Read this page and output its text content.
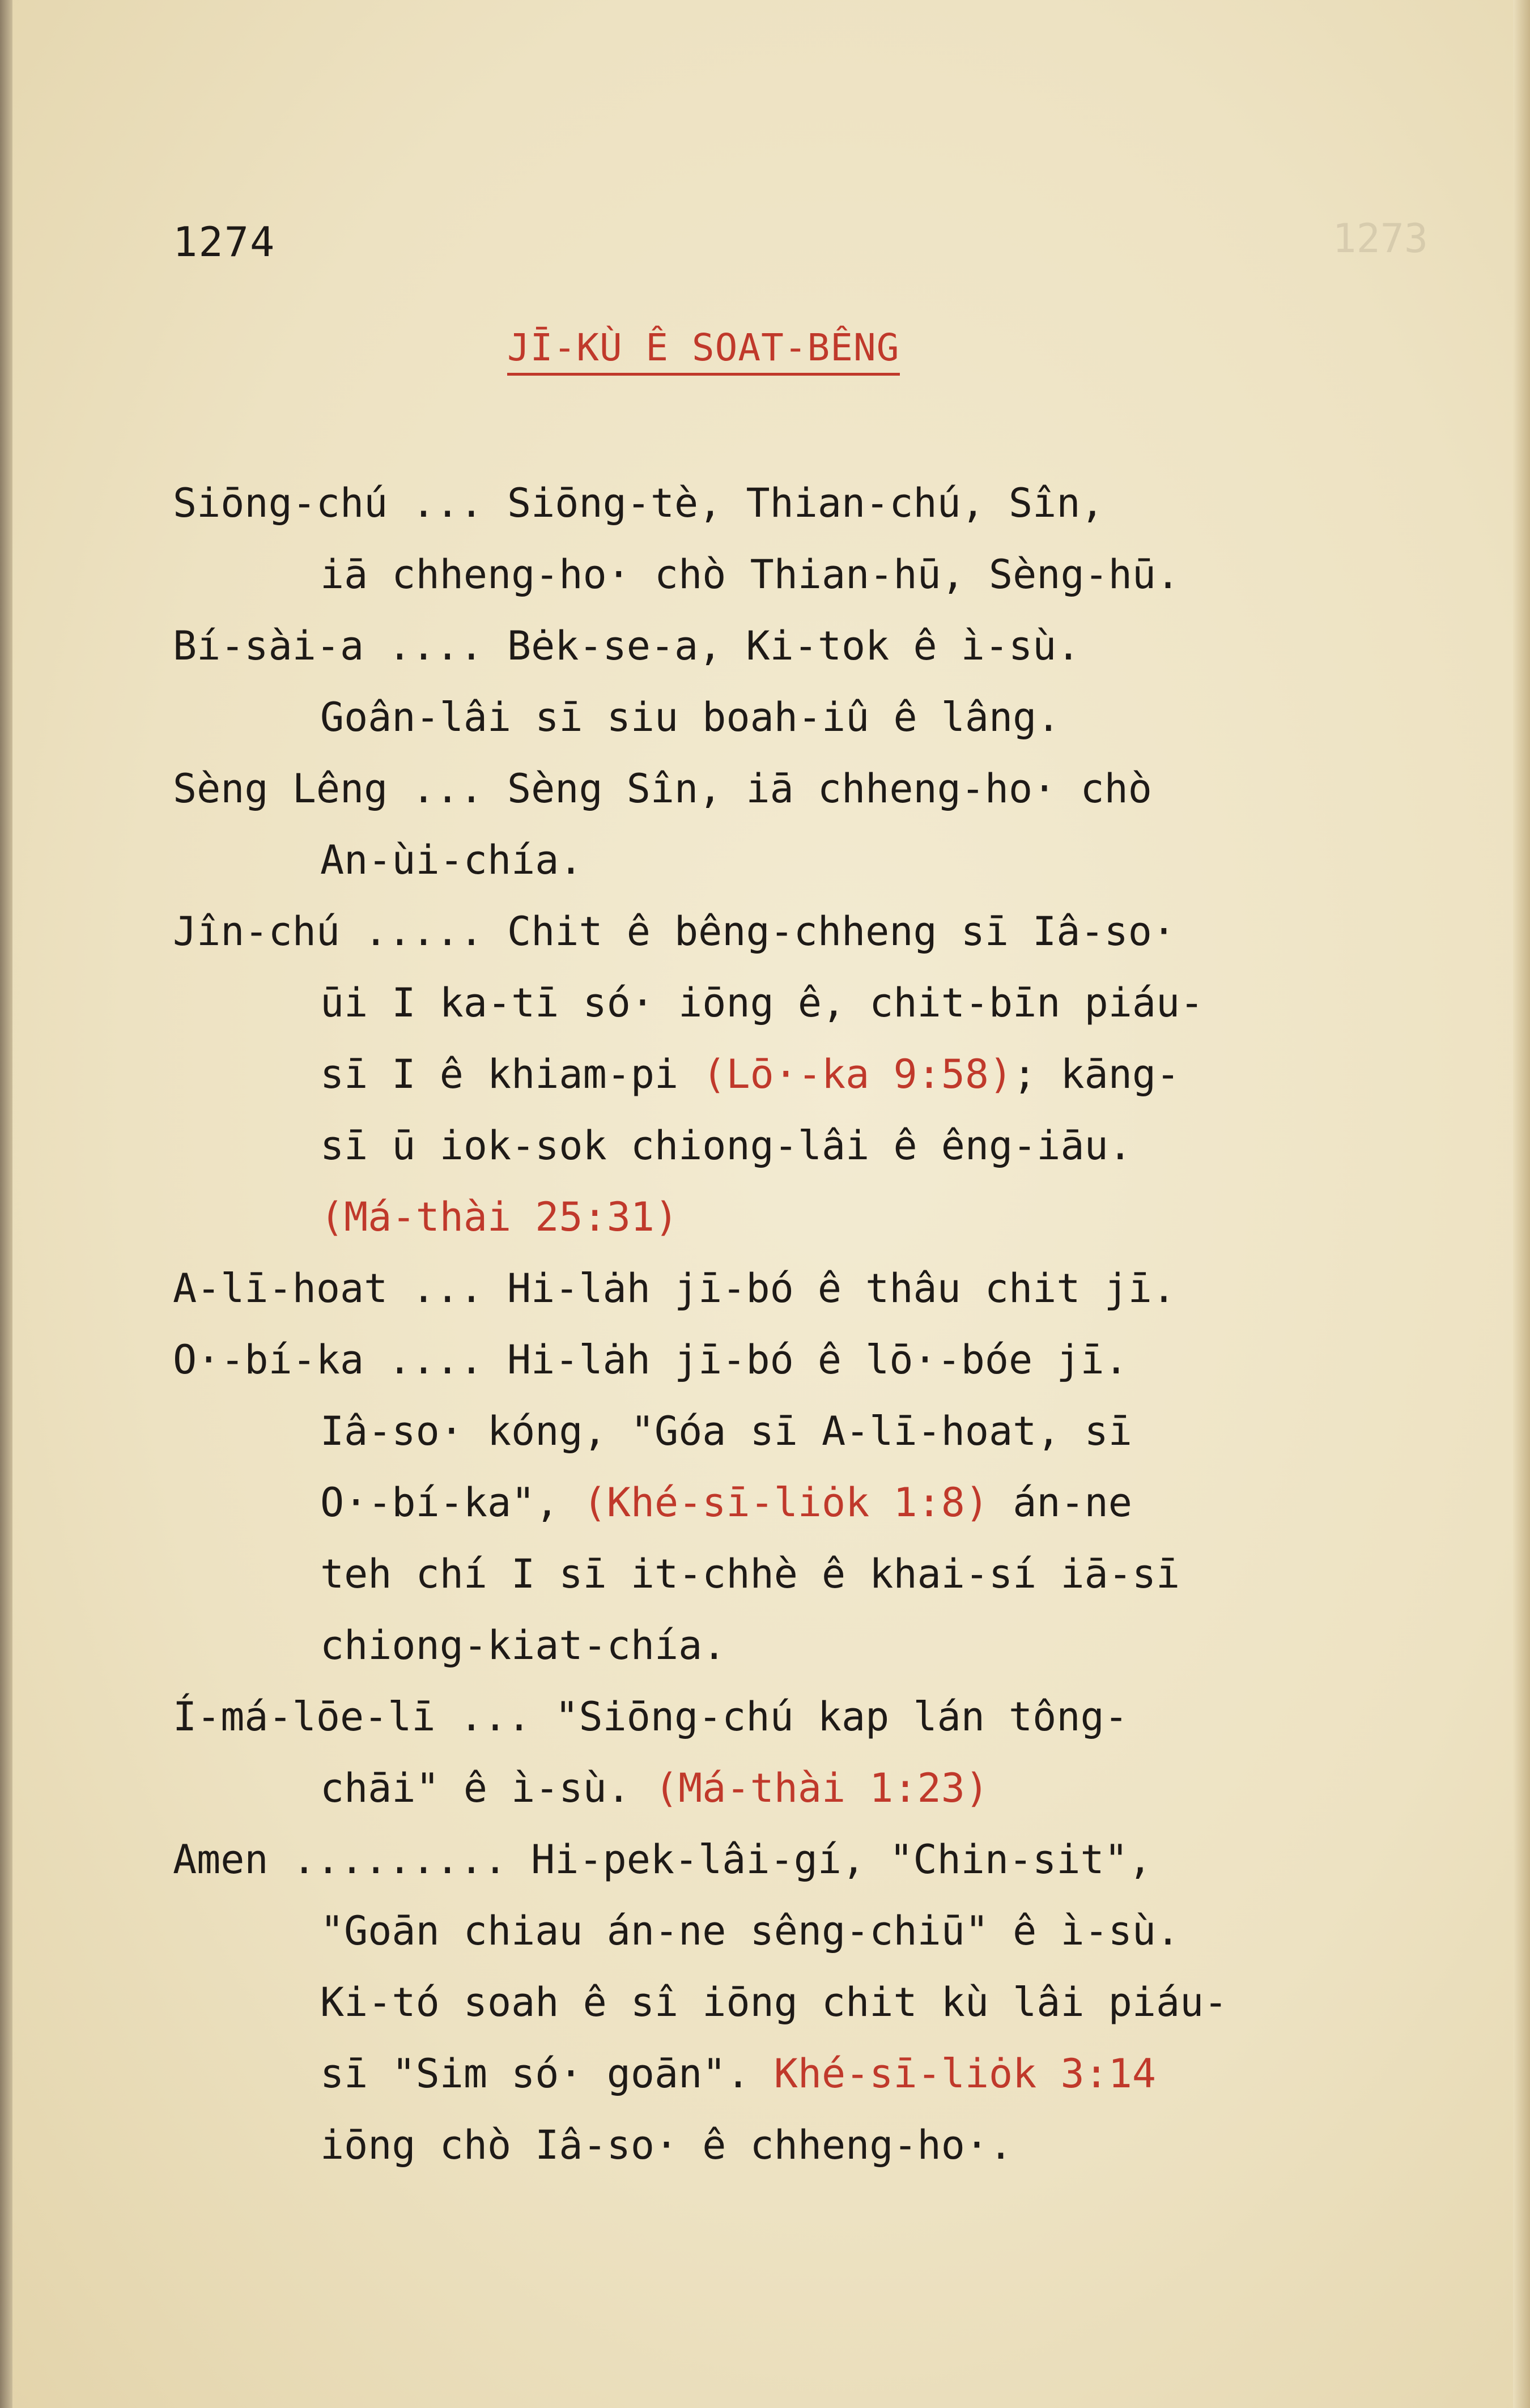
1274	1273
JĪ-KÙ Ê SOAT-BÊNG
Siōng-chú ... Siōng-tè, Thian-chú, Sîn,
iā chheng-ho· chò Thian-hū, Sèng-hū.
Bí-sài-a .... Bėk-se-a, Ki-tok ê ì-sù.
Goân-lâi sī siu boah-iû ê lâng.
Sèng Lêng ... Sèng Sîn, iā chheng-ho· chò
An-ùi-chía.
Jîn-chú ..... Chit ê bêng-chheng sī Iâ-so·
ūi I ka-tī só· iōng ê, chit-bīn piáu-
sī I ê khiam-pi (Lō·-ka 9:58); kāng-
sī ū iok-sok chiong-lâi ê êng-iāu.
(Má-thài 25:31)
A-lī-hoat ... Hi-lȧh jī-bó ê thâu chit jī.
O·-bí-ka .... Hi-lȧh jī-bó ê lō·-bóe jī.
Iâ-so· kóng, "Góa sī A-lī-hoat, sī
O·-bí-ka", (Khé-sī-liȯk 1:8) án-ne
teh chí I sī it-chhè ê khai-sí iā-sī
chiong-kiat-chía.
Í-má-lōe-lī ... "Siōng-chú kap lán tông-
chāi" ê ì-sù. (Má-thài 1:23)
Amen ......... Hi-pek-lâi-gí, "Chin-sit",
"Goān chiau án-ne sêng-chiū" ê ì-sù.
Ki-tó soah ê sî iōng chit kù lâi piáu-
sī "Sim só· goān". Khé-sī-liȯk 3:14
iōng chò Iâ-so· ê chheng-ho·.
